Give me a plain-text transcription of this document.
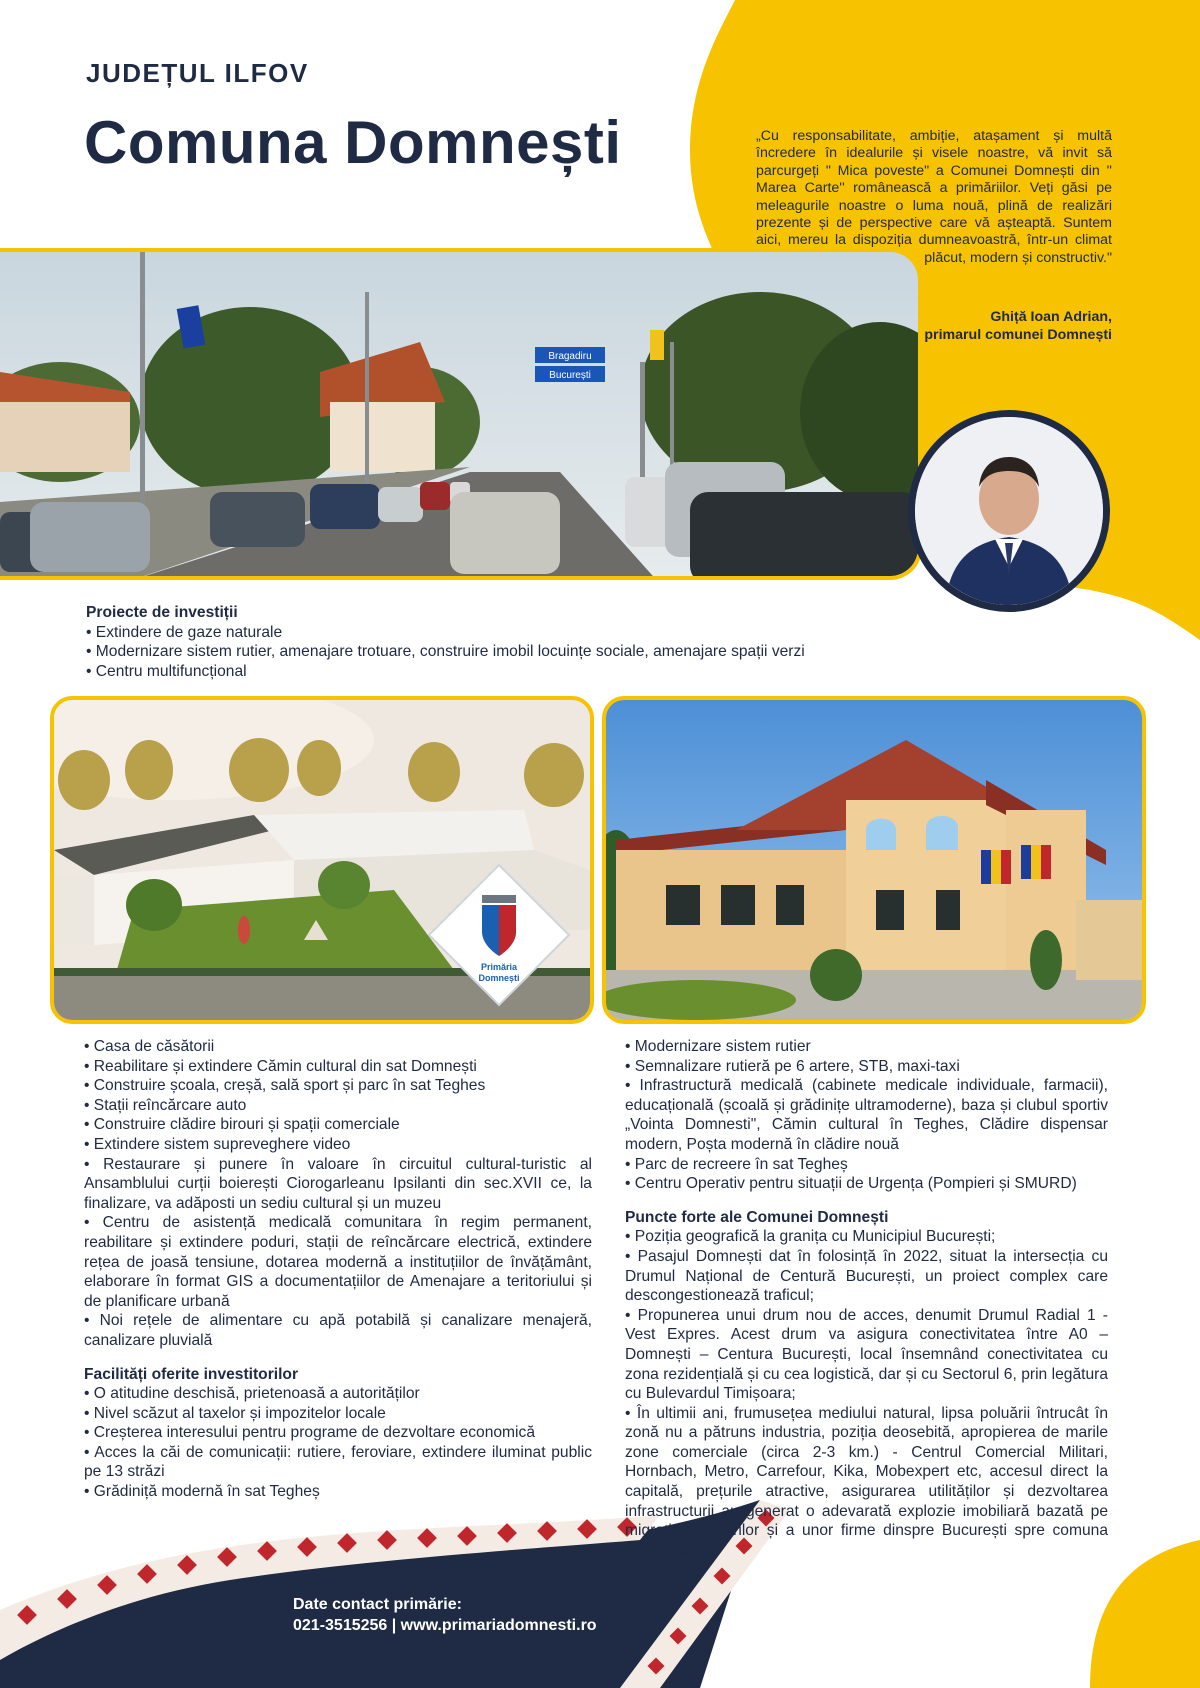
JUDEȚUL ILFOV
Comuna Domnești	„Cu responsabilitate, ambiție, atașament și multă încredere în idealurile și visele noastre, vă invit să parcurgeți " Mica poveste" a Comunei Domnești din '' Marea Carte'' românească a primăriilor. Veți găsi pe meleagurile noastre o luma nouă, plină de realizări prezente și de perspective care vă așteaptă. Suntem aici, mereu la dispoziția dumneavoastră, într-un climat plăcut, modern și constructiv."
Ghiță Ioan Adrian,
primarul comunei Domnești
Bragadiru
București

Proiecte de investiții

• Extindere de gaze naturale

• Modernizare sistem rutier, amenajare trotuare, construire imobil locuințe sociale, amenajare spații verzi

• Centru multifuncțional

Primăria
Domnești

• Casa de căsătorii

• Reabilitare și extindere Cămin cultural din sat Domnești

• Construire școala, creșă, sală sport și parc în sat Teghes

• Stații reîncărcare auto

• Construire clădire birouri și spații comerciale

• Extindere sistem supreveghere video

• Restaurare și punere în valoare în circuitul cultural-turistic al Ansamblului curții boierești Ciorogarleanu Ipsilanti din sec.XVII ce, la finalizare, va adăposti un sediu cultural și un muzeu

• Centru de asistență medicală comunitara în regim permanent, reabilitare și extindere poduri, stații de reîncărcare electrică, extindere rețea de joasă tensiune, dotarea modernă a instituțiilor de învățământ, elaborare în format GIS a documentațiilor de Amenajare a teritoriului și de planificare urbană

• Noi rețele de alimentare cu apă potabilă și canalizare menajeră, canalizare pluvială

Facilități oferite investitorilor

• O atitudine deschisă, prietenoasă a autorităților

• Nivel scăzut al taxelor și impozitelor locale

• Creșterea interesului pentru programe de dezvoltare economică

• Acces la căi de comunicații: rutiere, feroviare, extindere iluminat public pe 13 străzi

• Grădiniță modernă în sat Tegheș

• Modernizare sistem rutier

• Semnalizare rutieră pe 6 artere, STB, maxi-taxi

• Infrastructură medicală (cabinete medicale individuale, farmacii), educațională (școală și grădinițe ultramoderne), baza și clubul sportiv „Vointa Domnesti", Cămin cultural în Teghes, Clădire dispensar modern, Poșta modernă în clădire nouă

• Parc de recreere în sat Tegheș

• Centru Operativ pentru situații de Urgența (Pompieri și SMURD)

Puncte forte ale Comunei Domnești

• Poziția geografică la granița cu Municipiul București;

• Pasajul Domnești dat în folosință în 2022, situat la intersecția cu Drumul Național de Centură București, un proiect complex care descongestionează traficul;

• Propunerea unui drum nou de acces, denumit Drumul Radial 1 - Vest Expres. Acest drum va asigura conectivitatea între A0 – Domnești – Centura București, local însemnând conectivitatea cu zona rezidențială și cu cea logistică, dar și cu Sectorul 6, prin legătura cu Bulevardul Timișoara;

• În ultimii ani, frumusețea mediului natural, lipsa poluării întrucât în zonă nu a pătruns industria, poziția deosebită, apropierea de marile zone comerciale (circa 2-3 km.) - Centrul Comercial Militari, Hornbach, Metro, Carrefour, Kika, Mobexpert etc, accesul direct la capitală, prețurile atractive, asigurarea utilităților și dezvoltarea infrastructurii au generat o adevarată explozie imobiliară bazată pe migrația locuitorilor și a unor firme dinspre București spre comuna Domnești.

Date contact primărie:
021-3515256 | www.primariadomnesti.ro
